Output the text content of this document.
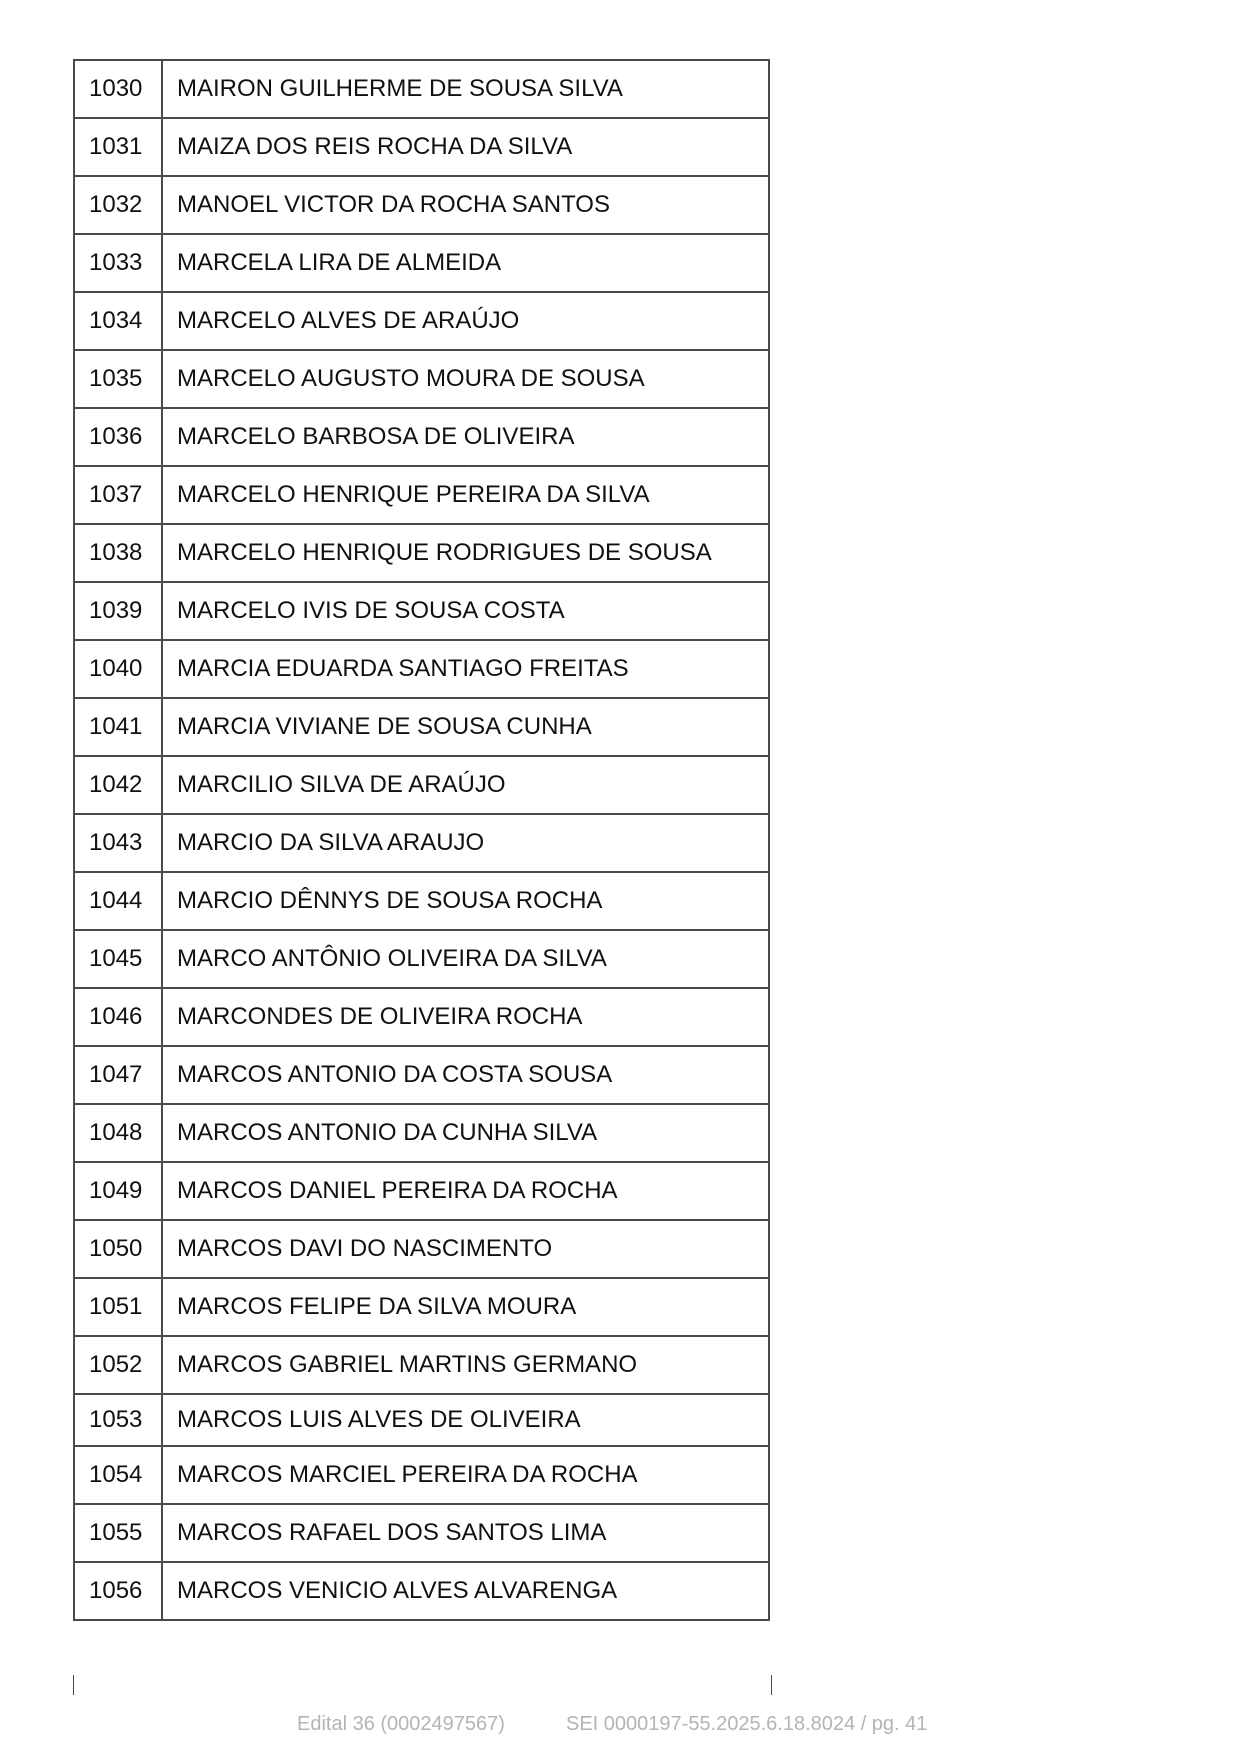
1030	MAIRON GUILHERME DE SOUSA SILVA
1031	MAIZA DOS REIS ROCHA DA SILVA
1032	MANOEL VICTOR DA ROCHA SANTOS
1033	MARCELA LIRA DE ALMEIDA
1034	MARCELO ALVES DE ARAÚJO
1035	MARCELO AUGUSTO MOURA DE SOUSA
1036	MARCELO BARBOSA DE OLIVEIRA
1037	MARCELO HENRIQUE PEREIRA DA SILVA
1038	MARCELO HENRIQUE RODRIGUES DE SOUSA
1039	MARCELO IVIS DE SOUSA COSTA
1040	MARCIA EDUARDA SANTIAGO FREITAS
1041	MARCIA VIVIANE DE SOUSA CUNHA
1042	MARCILIO SILVA DE ARAÚJO
1043	MARCIO DA SILVA ARAUJO
1044	MARCIO DÊNNYS DE SOUSA ROCHA
1045	MARCO ANTÔNIO OLIVEIRA DA SILVA
1046	MARCONDES DE OLIVEIRA ROCHA
1047	MARCOS ANTONIO DA COSTA SOUSA
1048	MARCOS ANTONIO DA CUNHA SILVA
1049	MARCOS DANIEL PEREIRA DA ROCHA
1050	MARCOS DAVI DO NASCIMENTO
1051	MARCOS FELIPE DA SILVA MOURA
1052	MARCOS GABRIEL MARTINS GERMANO
1053	MARCOS LUIS ALVES DE OLIVEIRA
1054	MARCOS MARCIEL PEREIRA DA ROCHA
1055	MARCOS RAFAEL DOS SANTOS LIMA
1056	MARCOS VENICIO ALVES ALVARENGA
Edital 36 (0002497567)	SEI 0000197-55.2025.6.18.8024 / pg. 41
